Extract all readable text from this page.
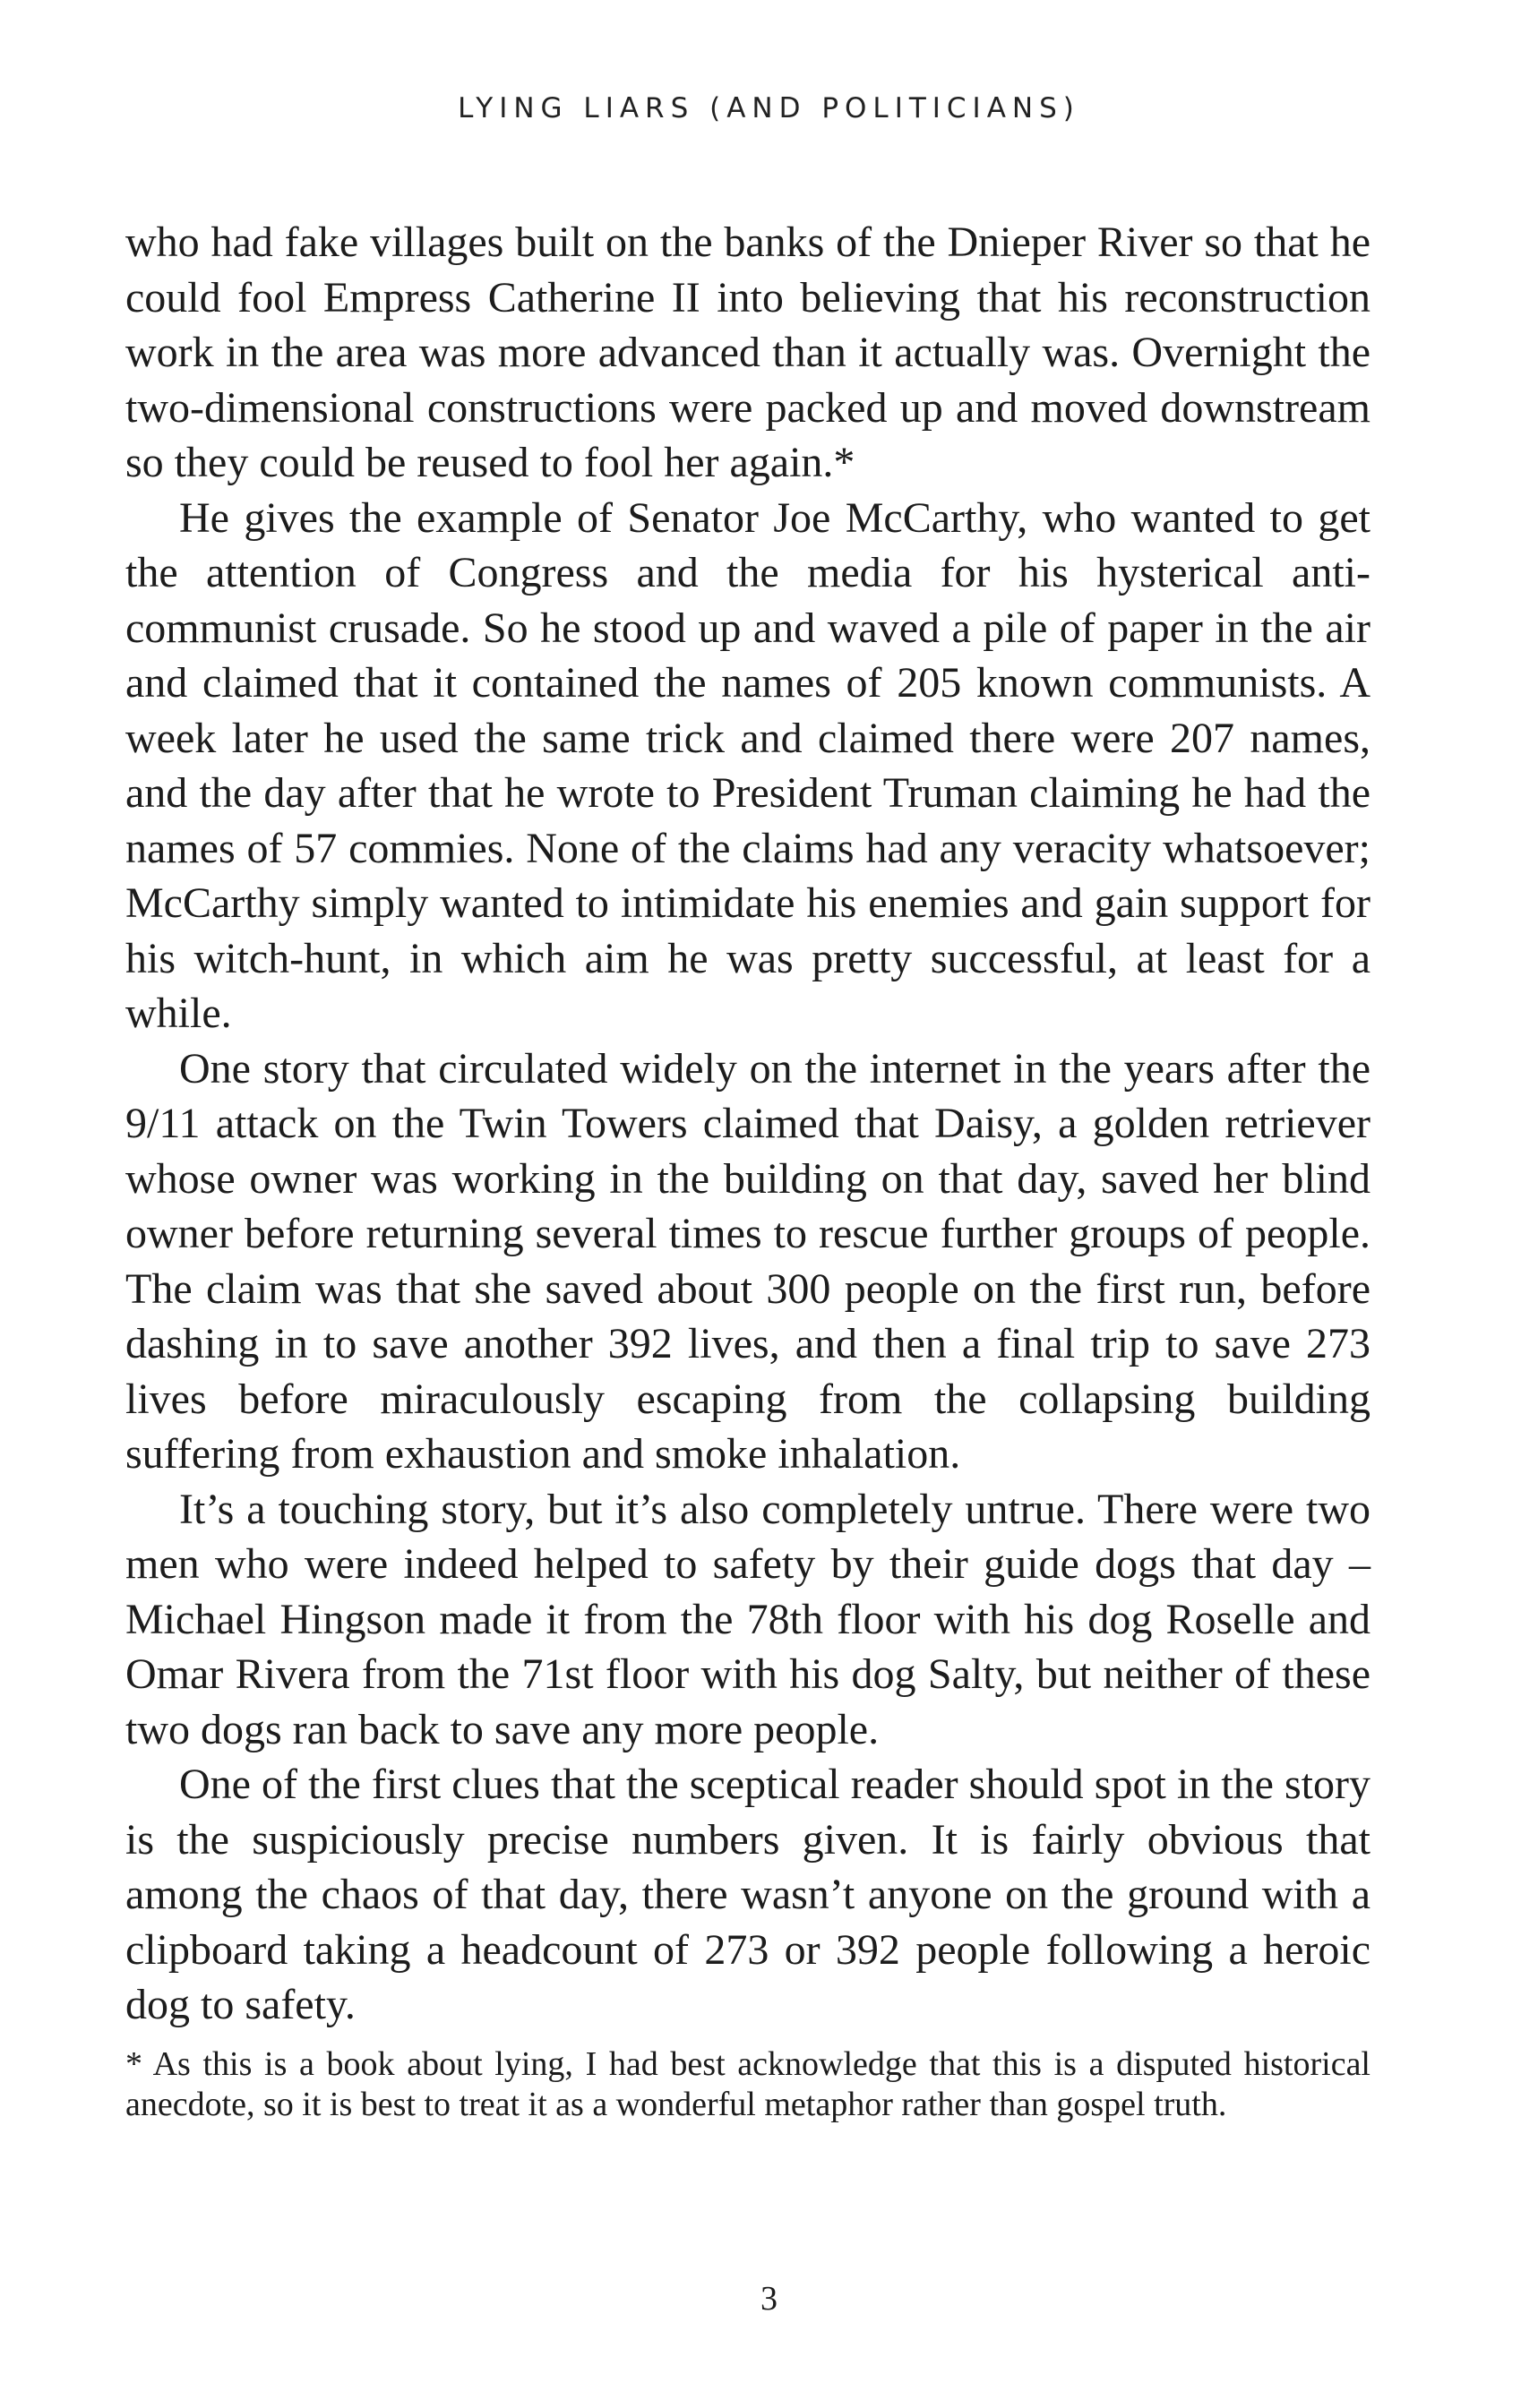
LYING LIARS (AND POLITICIANS)

who had fake villages built on the banks of the Dnieper River so that he could fool Empress Catherine II into believing that his reconstruction work in the area was more advanced than it actually was. Overnight the two-dimensional constructions were packed up and moved downstream so they could be reused to fool her again.*

He gives the example of Senator Joe McCarthy, who wanted to get the attention of Congress and the media for his hysterical anti-communist crusade. So he stood up and waved a pile of paper in the air and claimed that it contained the names of 205 known communists. A week later he used the same trick and claimed there were 207 names, and the day after that he wrote to President Truman claiming he had the names of 57 commies. None of the claims had any veracity whatsoever; McCarthy simply wanted to intimidate his enemies and gain support for his witch-hunt, in which aim he was pretty successful, at least for a while.

One story that circulated widely on the internet in the years after the 9/11 attack on the Twin Towers claimed that Daisy, a golden retriever whose owner was working in the building on that day, saved her blind owner before returning several times to rescue further groups of people. The claim was that she saved about 300 people on the first run, before dashing in to save another 392 lives, and then a final trip to save 273 lives before miraculously escaping from the collapsing building suffering from exhaustion and smoke inhalation.

It’s a touching story, but it’s also completely untrue. There were two men who were indeed helped to safety by their guide dogs that day – Michael Hingson made it from the 78th floor with his dog Roselle and Omar Rivera from the 71st floor with his dog Salty, but neither of these two dogs ran back to save any more people.

One of the first clues that the sceptical reader should spot in the story is the suspiciously precise numbers given. It is fairly obvious that among the chaos of that day, there wasn’t anyone on the ground with a clipboard taking a headcount of 273 or 392 people following a heroic dog to safety.

* As this is a book about lying, I had best acknowledge that this is a disputed historical anecdote, so it is best to treat it as a wonderful metaphor rather than gospel truth.

3
